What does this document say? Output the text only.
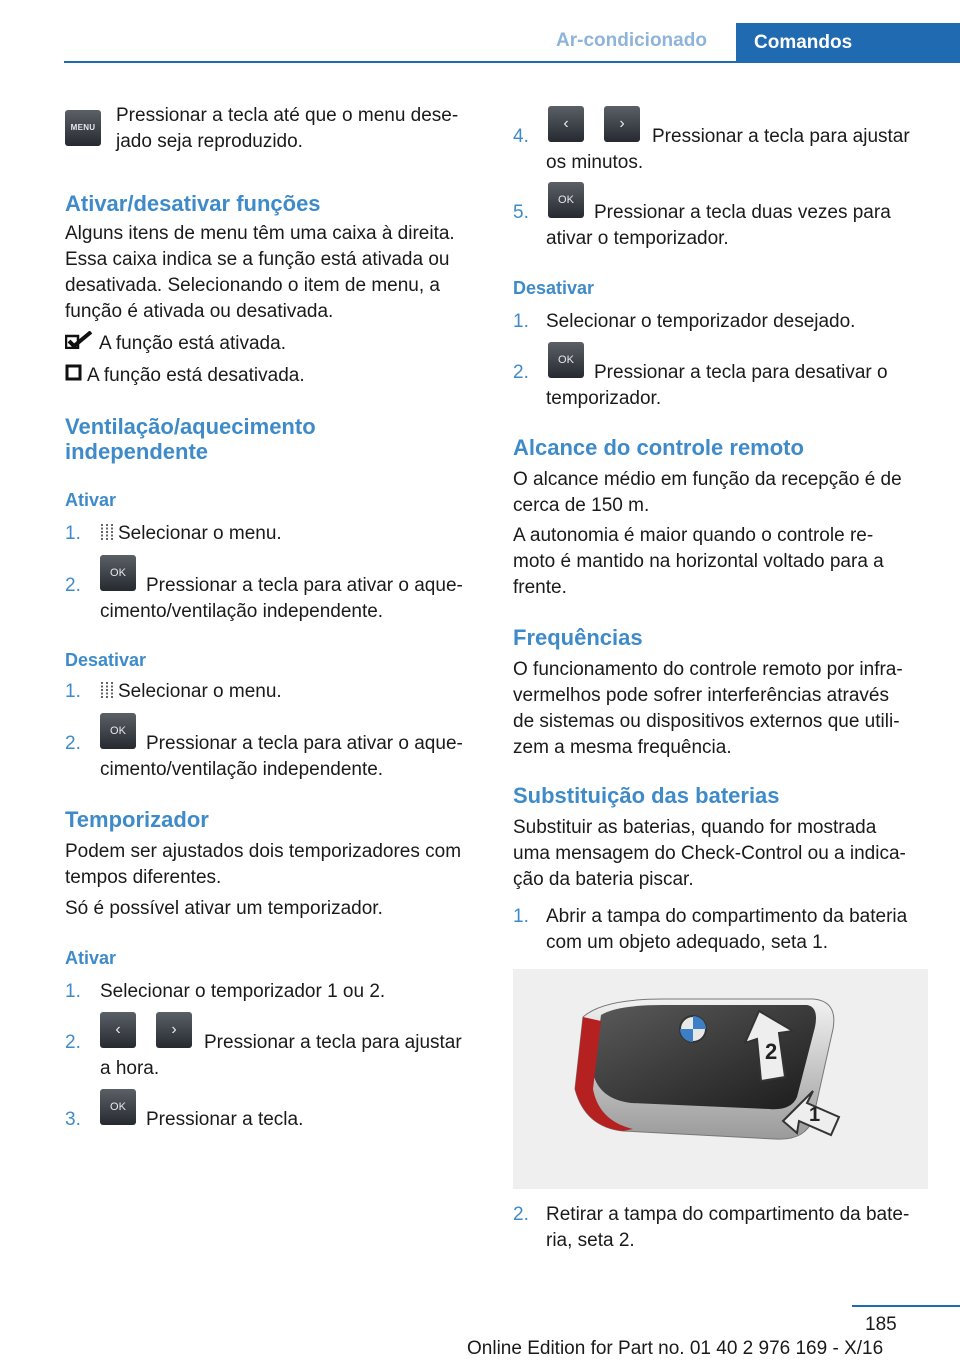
Ar-condicionado	Comandos
MENU
Pressionar a tecla até que o menu dese-
jado seja reproduzido.
Ativar/desativar funções
Alguns itens de menu têm uma caixa à direita.
Essa caixa indica se a função está ativada ou
desativada. Selecionando o item de menu, a
função é ativada ou desativada.
A função está ativada.
A função está desativada.
Ventilação/aquecimento
independente
Ativar
1.	Selecionar o menu.
2.
OK
Pressionar a tecla para ativar o aque-
cimento/ventilação independente.
Desativar
1.	Selecionar o menu.
2.
OK
Pressionar a tecla para ativar o aque-
cimento/ventilação independente.
Temporizador
Podem ser ajustados dois temporizadores com
tempos diferentes.
Só é possível ativar um temporizador.
Ativar
1. Selecionar o temporizador 1 ou 2.
2.
‹	›
Pressionar a tecla para ajustar
a hora.
3.
OK
Pressionar a tecla.
4.
‹	›
Pressionar a tecla para ajustar
os minutos.
5.
OK
Pressionar a tecla duas vezes para
ativar o temporizador.
Desativar
1. Selecionar o temporizador desejado.
2.
OK
Pressionar a tecla para desativar o
temporizador.
Alcance do controle remoto
O alcance médio em função da recepção é de
cerca de 150 m.
A autonomia é maior quando o controle re-
moto é mantido na horizontal voltado para a
frente.
Frequências
O funcionamento do controle remoto por infra-
vermelhos pode sofrer interferências através
de sistemas ou dispositivos externos que utili-
zem a mesma frequência.
Substituição das baterias
Substituir as baterias, quando for mostrada
uma mensagem do Check-Control ou a indica-
ção da bateria piscar.
1. Abrir a tampa do compartimento da bateria
com um objeto adequado, seta 1.
2. Retirar a tampa do compartimento da bate-
ria, seta 2.
2
1
185
Online Edition for Part no. 01 40 2 976 169 - X/16
